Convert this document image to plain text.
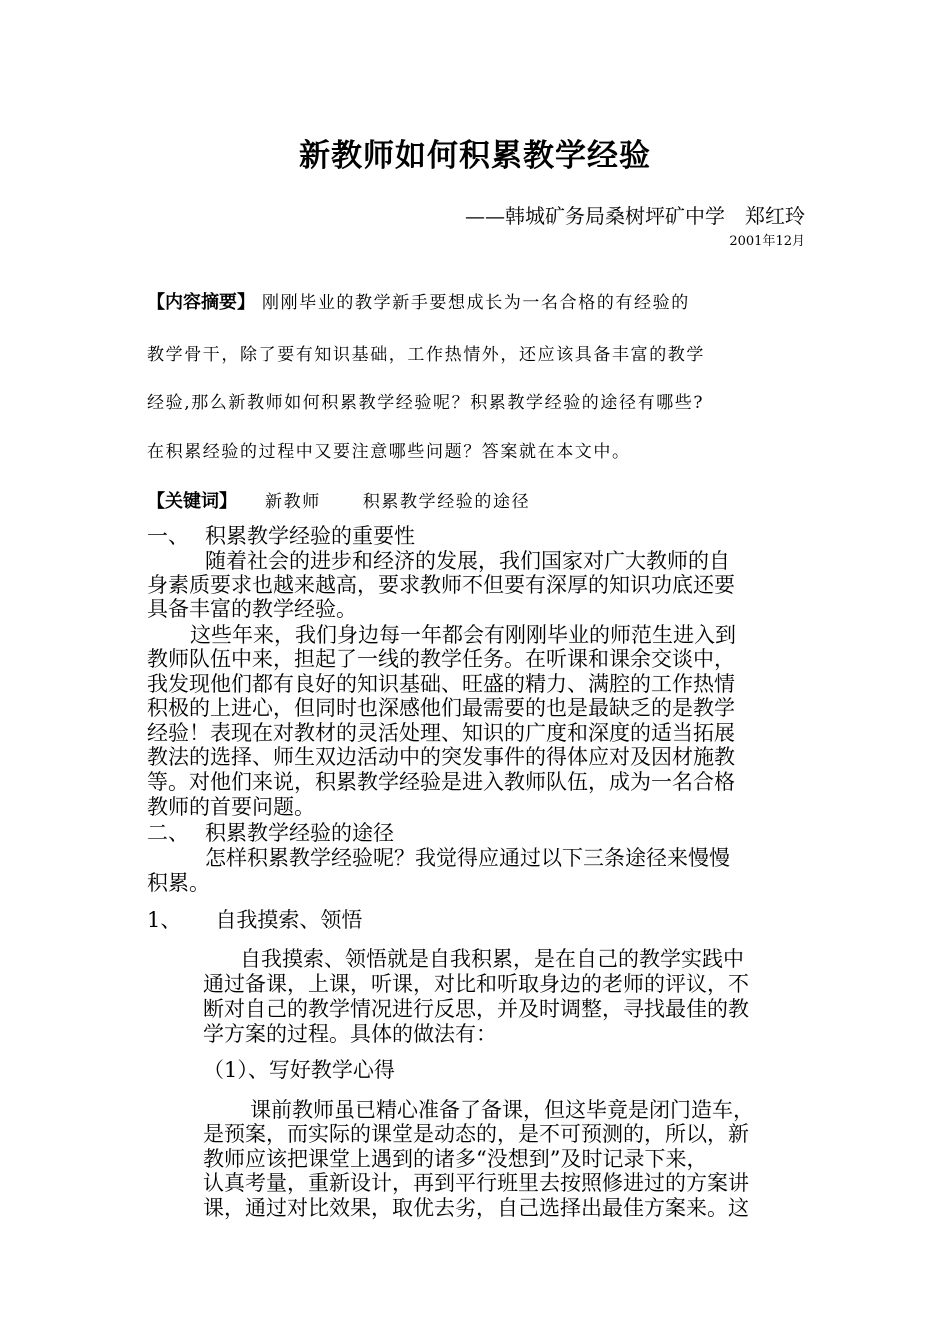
新教师如何积累教学经验
——韩城矿务局桑树坪矿中学　郑红玲
2001年12月
【内容摘要】 刚刚毕业的教学新手要想成长为一名合格的有经验的
教学骨干，除了要有知识基础，工作热情外，还应该具备丰富的教学
经验,那么新教师如何积累教学经验呢？积累教学经验的途径有哪些?
在积累经验的过程中又要注意哪些问题？答案就在本文中。
【关键词】 新教师 积累教学经验的途径
一、 积累教学经验的重要性
随着社会的进步和经济的发展，我们国家对广大教师的自
身素质要求也越来越高，要求教师不但要有深厚的知识功底还要
具备丰富的教学经验。
这些年来，我们身边每一年都会有刚刚毕业的师范生进入到
教师队伍中来，担起了一线的教学任务。在听课和课余交谈中，
我发现他们都有良好的知识基础、旺盛的精力、满腔的工作热情
积极的上进心，但同时也深感他们最需要的也是最缺乏的是教学
经验！表现在对教材的灵活处理、知识的广度和深度的适当拓展
教法的选择、师生双边活动中的突发事件的得体应对及因材施教
等。对他们来说，积累教学经验是进入教师队伍，成为一名合格
教师的首要问题。
二、 积累教学经验的途径
怎样积累教学经验呢？我觉得应通过以下三条途径来慢慢
积累。
1、 自我摸索、领悟
自我摸索、领悟就是自我积累，是在自己的教学实践中
通过备课，上课，听课，对比和听取身边的老师的评议，不
断对自己的教学情况进行反思，并及时调整，寻找最佳的教
学方案的过程。具体的做法有：
（1）、写好教学心得
课前教师虽已精心准备了备课，但这毕竟是闭门造车，
是预案，而实际的课堂是动态的，是不可预测的，所以，新
教师应该把课堂上遇到的诸多“没想到”及时记录下来，
认真考量，重新设计，再到平行班里去按照修进过的方案讲
课，通过对比效果，取优去劣，自己选择出最佳方案来。这
